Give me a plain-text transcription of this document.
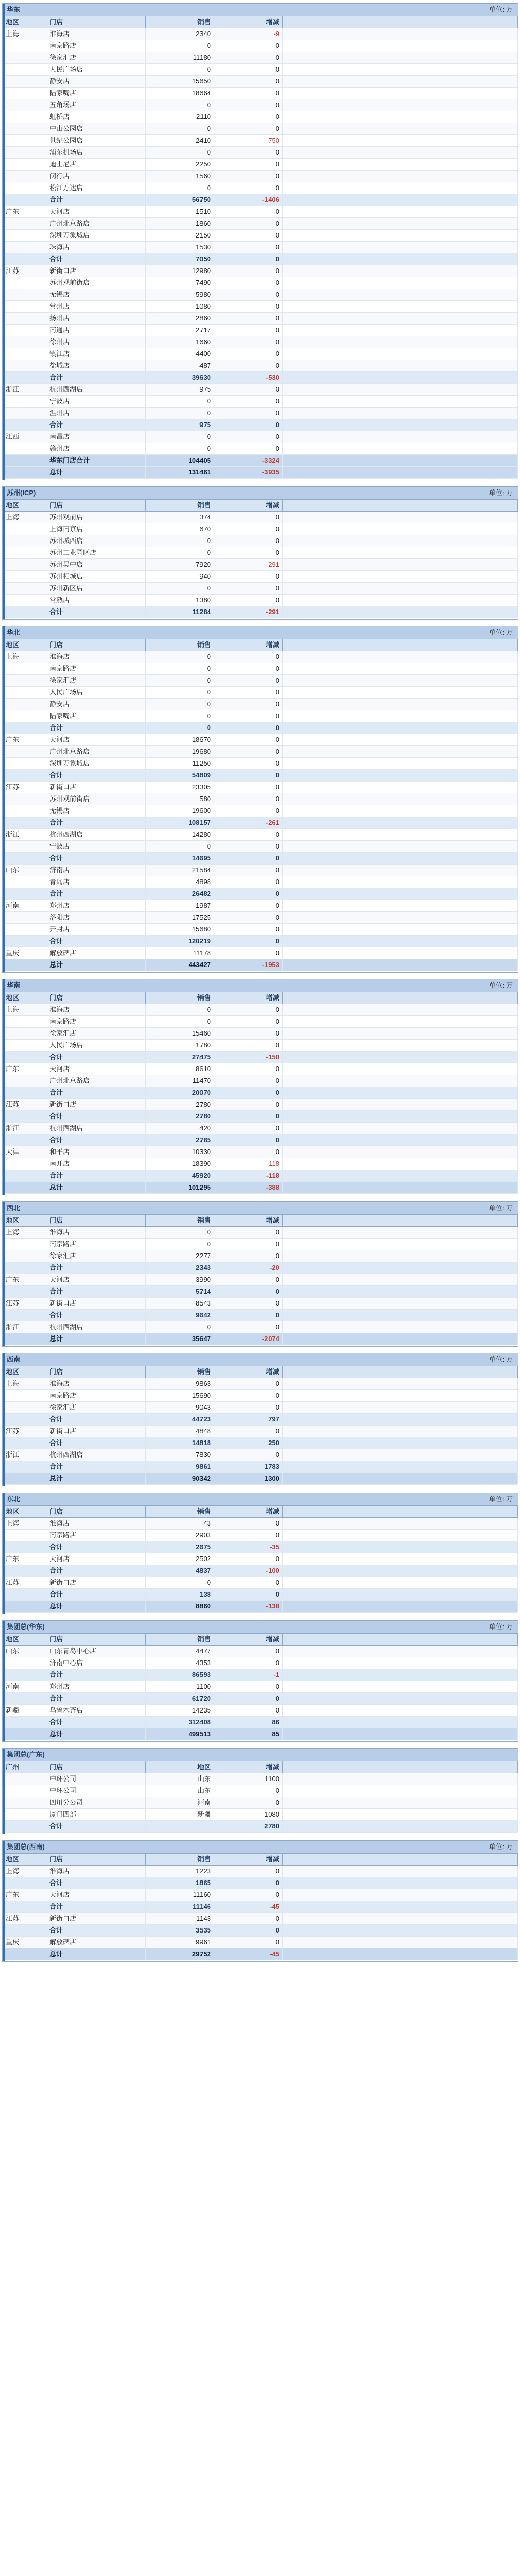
华东	单位: 万
地区	门店	销售	增减
上海	淮海店	2340	-9
南京路店	0	0
徐家汇店	11180	0
人民广场店	0	0
静安店	15650	0
陆家嘴店	18664	0
五角场店	0	0
虹桥店	2110	0
中山公园店	0	0
世纪公园店	2410	-750
浦东机场店	0	0
迪士尼店	2250	0
闵行店	1560	0
松江万达店	0	0
合计	56750	-1406
广东	天河店	1510	0
广州北京路店	1860	0
深圳万象城店	2150	0
珠海店	1530	0
合计	7050	0
江苏	新街口店	12980	0
苏州观前街店	7490	0
无锡店	5980	0
常州店	1080	0
扬州店	2860	0
南通店	2717	0
徐州店	1660	0
镇江店	4400	0
盐城店	487	0
合计	39630	-530
浙江	杭州西湖店	975	0
宁波店	0	0
温州店	0	0
合计	975	0
江西	南昌店	0	0
赣州店	0	0
华东门店合计	104405	-3324
总计	131461	-3935
苏州(ICP)	单位: 万
地区	门店	销售	增减
上海	苏州观前店	374	0
上海南京店	670	0
苏州城西店	0	0
苏州工业园区店	0	0
苏州吴中店	7920	-291
苏州相城店	940	0
苏州新区店	0	0
常熟店	1380	0
合计	11284	-291
华北	单位: 万
地区	门店	销售	增减
上海	淮海店	0	0
南京路店	0	0
徐家汇店	0	0
人民广场店	0	0
静安店	0	0
陆家嘴店	0	0
合计	0	0
广东	天河店	18670	0
广州北京路店	19680	0
深圳万象城店	11250	0
合计	54809	0
江苏	新街口店	23305	0
苏州观前街店	580	0
无锡店	19600	0
合计	108157	-261
浙江	杭州西湖店	14280	0
宁波店	0	0
合计	14695	0
山东	济南店	21584	0
青岛店	4898	0
合计	26482	0
河南	郑州店	1987	0
洛阳店	17525	0
开封店	15680	0
合计	120219	0
重庆	解放碑店	11178	0
总计	443427	-1953
华南	单位: 万
地区	门店	销售	增减
上海	淮海店	0	0
南京路店	0	0
徐家汇店	15460	0
人民广场店	1780	0
合计	27475	-150
广东	天河店	8610	0
广州北京路店	11470	0
合计	20070	0
江苏	新街口店	2780	0
合计	2780	0
浙江	杭州西湖店	420	0
合计	2785	0
天津	和平店	10330	0
南开店	18390	-118
合计	45920	-118
总计	101295	-388
西北	单位: 万
地区	门店	销售	增减
上海	淮海店	0	0
南京路店	0	0
徐家汇店	2277	0
合计	2343	-20
广东	天河店	3990	0
合计	5714	0
江苏	新街口店	8543	0
合计	9642	0
浙江	杭州西湖店	0	0
总计	35647	-2074
西南	单位: 万
地区	门店	销售	增减
上海	淮海店	9863	0
南京路店	15690	0
徐家汇店	9043	0
合计	44723	797
江苏	新街口店	4848	0
合计	14818	250
浙江	杭州西湖店	7830	0
合计	9861	1783
总计	90342	1300
东北	单位: 万
地区	门店	销售	增减
上海	淮海店	43	0
南京路店	2903	0
合计	2675	-35
广东	天河店	2502	0
合计	4837	-100
江苏	新街口店	0	0
合计	138	0
总计	8860	-138
集团总(华东)	单位: 万
地区	门店	销售	增减
山东	山东青岛中心店	4477	0
济南中心店	4353	0
合计	86593	-1
河南	郑州店	1100	0
合计	61720	0
新疆	乌鲁木齐店	14235	0
合计	312408	86
总计	499513	85
集团总(广东)
广州	门店	地区	增减
中环公司	山东	1100
中环公司	山东	0
四川分公司	河南	0
厦门四部	新疆	1080
合计	2780
集团总(西南)	单位: 万
地区	门店	销售	增减
上海	淮海店	1223	0
合计	1865	0
广东	天河店	11160	0
合计	11146	-45
江苏	新街口店	1143	0
合计	3535	0
重庆	解放碑店	9961	0
总计	29752	-45
